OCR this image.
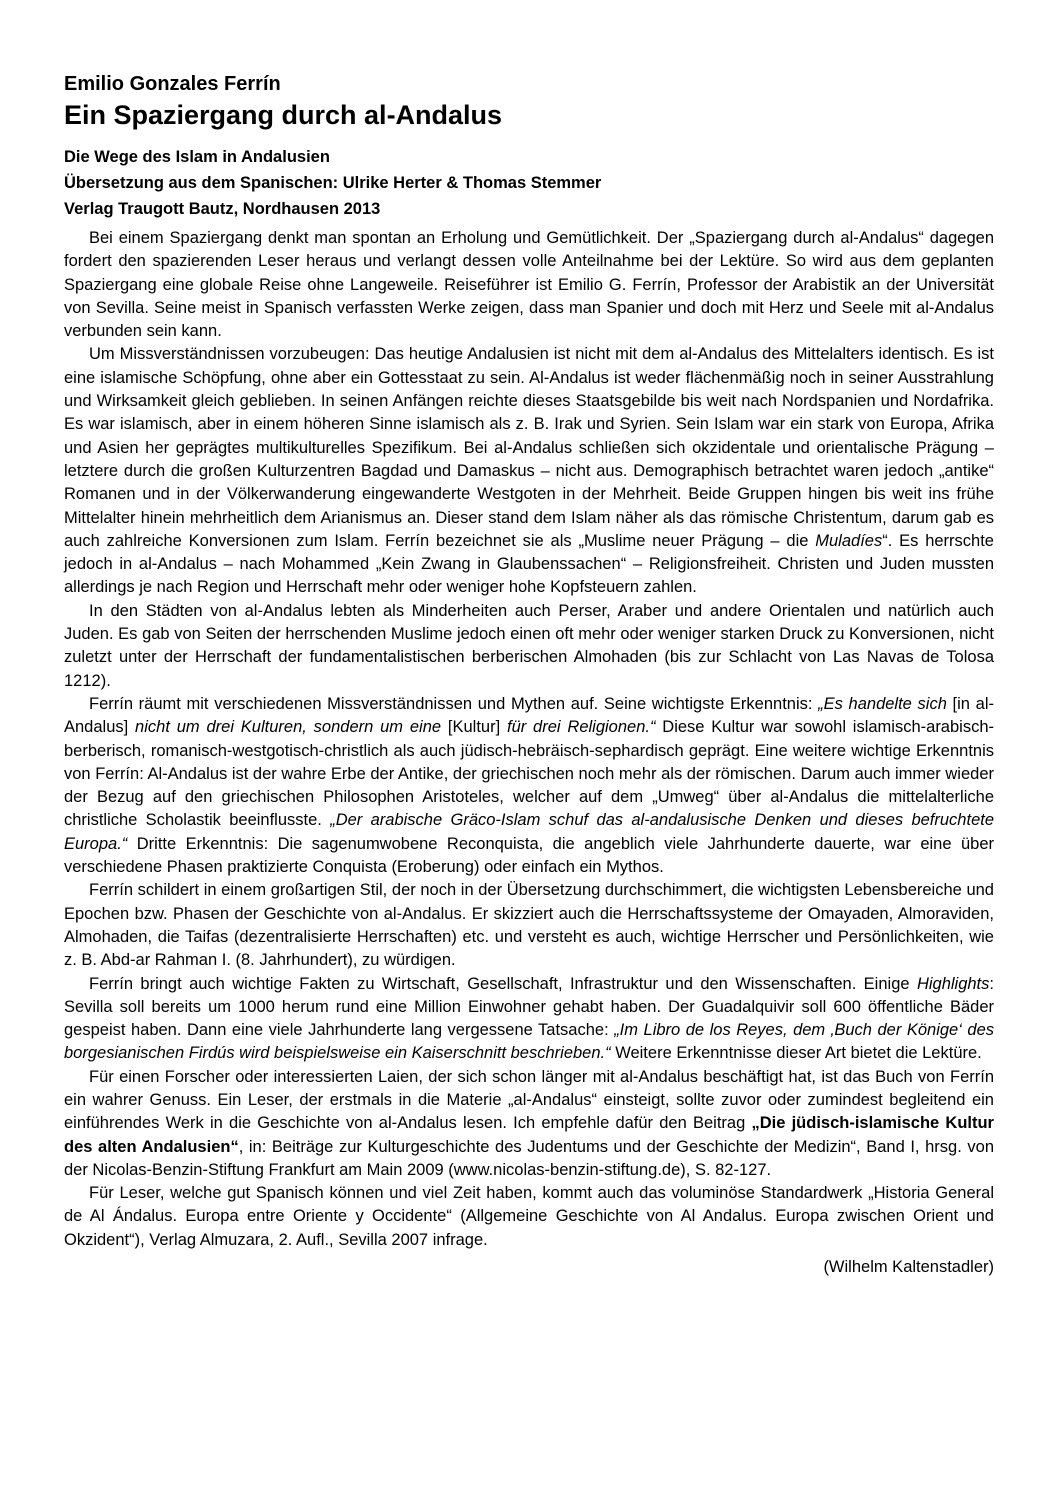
Emilio Gonzales Ferrín

Ein Spaziergang durch al-Andalus

Die Wege des Islam in Andalusien

Übersetzung aus dem Spanischen: Ulrike Herter & Thomas Stemmer

Verlag Traugott Bautz, Nordhausen 2013

Bei einem Spaziergang denkt man spontan an Erholung und Gemütlichkeit. Der „Spaziergang durch al-Andalus“ dagegen fordert den spazierenden Leser heraus und verlangt dessen volle Anteilnahme bei der Lektüre. So wird aus dem geplanten Spaziergang eine globale Reise ohne Langeweile. Reiseführer ist Emilio G. Ferrín, Professor der Arabistik an der Universität von Sevilla. Seine meist in Spanisch verfassten Werke zeigen, dass man Spanier und doch mit Herz und Seele mit al-Andalus verbunden sein kann.

Um Missverständnissen vorzubeugen: Das heutige Andalusien ist nicht mit dem al-Andalus des Mittelalters identisch. Es ist eine islamische Schöpfung, ohne aber ein Gottesstaat zu sein. Al-Andalus ist weder flächenmäßig noch in seiner Ausstrahlung und Wirksamkeit gleich geblieben. In seinen Anfängen reichte dieses Staatsgebilde bis weit nach Nordspanien und Nordafrika. Es war islamisch, aber in einem höheren Sinne islamisch als z. B. Irak und Syrien. Sein Islam war ein stark von Europa, Afrika und Asien her geprägtes multikulturelles Spezifikum. Bei al-Andalus schließen sich okzidentale und orientalische Prägung – letztere durch die großen Kulturzentren Bagdad und Damaskus – nicht aus. Demographisch betrachtet waren jedoch „antike“ Romanen und in der Völkerwanderung eingewanderte Westgoten in der Mehrheit. Beide Gruppen hingen bis weit ins frühe Mittelalter hinein mehrheitlich dem Arianismus an. Dieser stand dem Islam näher als das römische Christentum, darum gab es auch zahlreiche Konversionen zum Islam. Ferrín bezeichnet sie als „Muslime neuer Prägung – die Muladíes“. Es herrschte jedoch in al-Andalus – nach Mohammed „Kein Zwang in Glaubenssachen“ – Religionsfreiheit. Christen und Juden mussten allerdings je nach Region und Herrschaft mehr oder weniger hohe Kopfsteuern zahlen.

In den Städten von al-Andalus lebten als Minderheiten auch Perser, Araber und andere Orientalen und natürlich auch Juden. Es gab von Seiten der herrschenden Muslime jedoch einen oft mehr oder weniger starken Druck zu Konversionen, nicht zuletzt unter der Herrschaft der fundamentalistischen berberischen Almohaden (bis zur Schlacht von Las Navas de Tolosa 1212).

Ferrín räumt mit verschiedenen Missverständnissen und Mythen auf. Seine wichtigste Erkenntnis: „Es handelte sich [in al-Andalus] nicht um drei Kulturen, sondern um eine [Kultur] für drei Religionen.“ Diese Kultur war sowohl islamisch-arabisch-berberisch, romanisch-westgotisch-christlich als auch jüdisch-hebräisch-sephardisch geprägt. Eine weitere wichtige Erkenntnis von Ferrín: Al-Andalus ist der wahre Erbe der Antike, der griechischen noch mehr als der römischen. Darum auch immer wieder der Bezug auf den griechischen Philosophen Aristoteles, welcher auf dem „Umweg“ über al-Andalus die mittelalterliche christliche Scholastik beeinflusste. „Der arabische Gräco-Islam schuf das al-andalusische Denken und dieses befruchtete Europa.“ Dritte Erkenntnis: Die sagenumwobene Reconquista, die angeblich viele Jahrhunderte dauerte, war eine über verschiedene Phasen praktizierte Conquista (Eroberung) oder einfach ein Mythos.

Ferrín schildert in einem großartigen Stil, der noch in der Übersetzung durchschimmert, die wichtigsten Lebensbereiche und Epochen bzw. Phasen der Geschichte von al-Andalus. Er skizziert auch die Herrschaftssysteme der Omayaden, Almoraviden, Almohaden, die Taifas (dezentralisierte Herrschaften) etc. und versteht es auch, wichtige Herrscher und Persönlichkeiten, wie z. B. Abd-ar Rahman I. (8. Jahrhundert), zu würdigen.

Ferrín bringt auch wichtige Fakten zu Wirtschaft, Gesellschaft, Infrastruktur und den Wissenschaften. Einige Highlights: Sevilla soll bereits um 1000 herum rund eine Million Einwohner gehabt haben. Der Guadalquivir soll 600 öffentliche Bäder gespeist haben. Dann eine viele Jahrhunderte lang vergessene Tatsache: „Im Libro de los Reyes, dem ‚Buch der Könige‘ des borgesianischen Firdús wird beispielsweise ein Kaiserschnitt beschrieben.“ Weitere Erkenntnisse dieser Art bietet die Lektüre.

Für einen Forscher oder interessierten Laien, der sich schon länger mit al-Andalus beschäftigt hat, ist das Buch von Ferrín ein wahrer Genuss. Ein Leser, der erstmals in die Materie „al-Andalus“ einsteigt, sollte zuvor oder zumindest begleitend ein einführendes Werk in die Geschichte von al-Andalus lesen. Ich empfehle dafür den Beitrag „Die jüdisch-islamische Kultur des alten Andalusien“, in: Beiträge zur Kulturgeschichte des Judentums und der Geschichte der Medizin“, Band I, hrsg. von der Nicolas-Benzin-Stiftung Frankfurt am Main 2009 (www.nicolas-benzin-stiftung.de), S. 82-127.

Für Leser, welche gut Spanisch können und viel Zeit haben, kommt auch das voluminöse Standardwerk „Historia General de Al Ándalus. Europa entre Oriente y Occidente“ (Allgemeine Geschichte von Al Andalus. Europa zwischen Orient und Okzident“), Verlag Almuzara, 2. Aufl., Sevilla 2007 infrage.

(Wilhelm Kaltenstadler)
